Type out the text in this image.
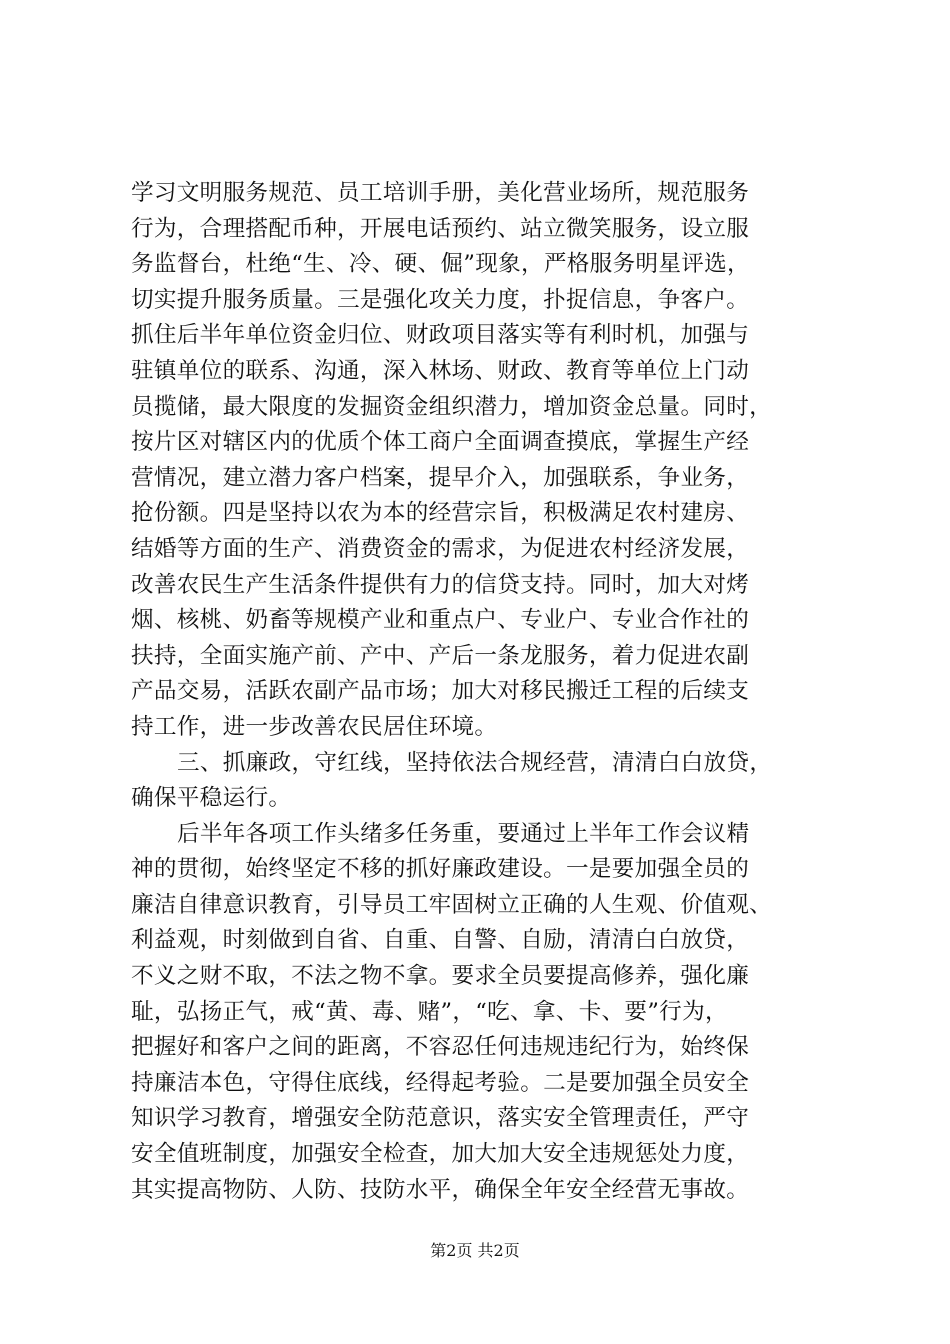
学习文明服务规范、员工培训手册，美化营业场所，规范服务
行为，合理搭配币种，开展电话预约、站立微笑服务，设立服
务监督台，杜绝“生、冷、硬、倔”现象，严格服务明星评选，
切实提升服务质量。三是强化攻关力度，扑捉信息，争客户。
抓住后半年单位资金归位、财政项目落实等有利时机，加强与
驻镇单位的联系、沟通，深入林场、财政、教育等单位上门动
员揽储，最大限度的发掘资金组织潜力，增加资金总量。同时，
按片区对辖区内的优质个体工商户全面调查摸底，掌握生产经
营情况，建立潜力客户档案，提早介入，加强联系，争业务，
抢份额。四是坚持以农为本的经营宗旨，积极满足农村建房、
结婚等方面的生产、消费资金的需求，为促进农村经济发展，
改善农民生产生活条件提供有力的信贷支持。同时，加大对烤
烟、核桃、奶畜等规模产业和重点户、专业户、专业合作社的
扶持，全面实施产前、产中、产后一条龙服务，着力促进农副
产品交易，活跃农副产品市场；加大对移民搬迁工程的后续支
持工作，进一步改善农民居住环境。
三、抓廉政，守红线，坚持依法合规经营，清清白白放贷，
确保平稳运行。
后半年各项工作头绪多任务重，要通过上半年工作会议精
神的贯彻，始终坚定不移的抓好廉政建设。一是要加强全员的
廉洁自律意识教育，引导员工牢固树立正确的人生观、价值观、
利益观，时刻做到自省、自重、自警、自励，清清白白放贷，
不义之财不取，不法之物不拿。要求全员要提高修养，强化廉
耻，弘扬正气，戒“黄、毒、赌”，“吃、拿、卡、要”行为，
把握好和客户之间的距离，不容忍任何违规违纪行为，始终保
持廉洁本色，守得住底线，经得起考验。二是要加强全员安全
知识学习教育，增强安全防范意识，落实安全管理责任，严守
安全值班制度，加强安全检查，加大加大安全违规惩处力度，
其实提高物防、人防、技防水平，确保全年安全经营无事故。
第2页 共2页
